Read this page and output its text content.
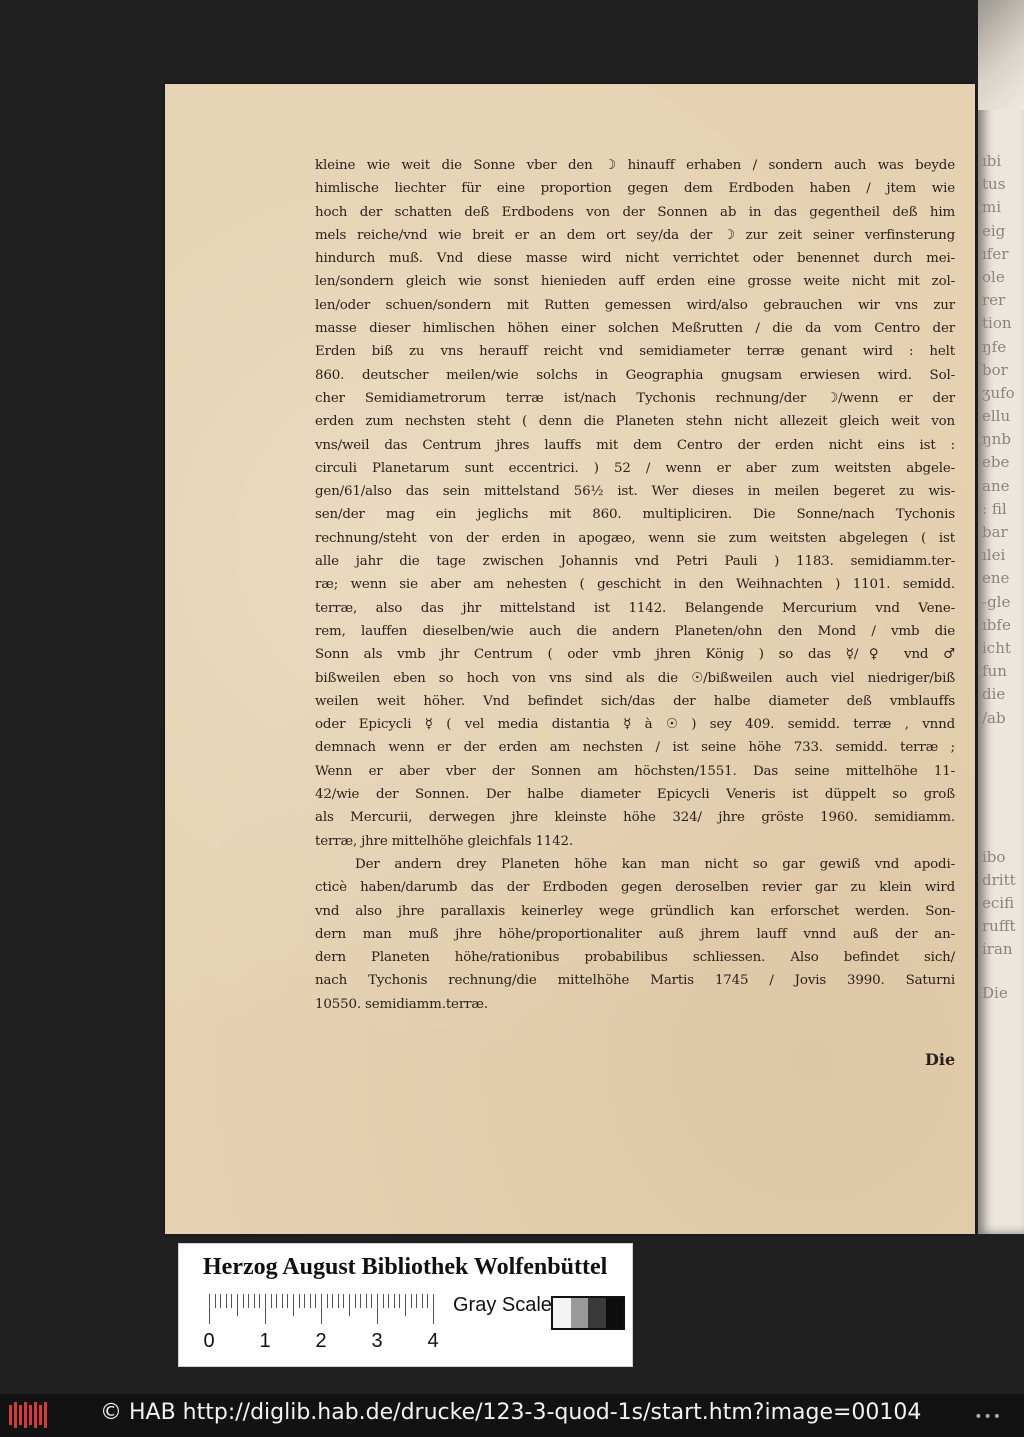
ıbi
tus
mi
eig
ıfer
ole
rer
tion
ŋfe
bor
ʒufo
ellu
ŋnb
ebe
ane
: fil
bar
ılei
ene
-gle
ıbfe
icht
fun
die
/ab
ibo
dritt
ecifi
rufft
iran
Die
kleine wie weit die Sonne vber den ☽ hinauff erhaben / sondern auch was beyde
himlische liechter für eine proportion gegen dem Erdboden haben / jtem wie
hoch der schatten deß Erdbodens von der Sonnen ab in das gegentheil deß him
mels reiche/vnd wie breit er an dem ort sey/da der ☽ zur zeit seiner verfinsterung
hindurch muß. Vnd diese masse wird nicht verrichtet oder benennet durch mei-
len/sondern gleich wie sonst hienieden auff erden eine grosse weite nicht mit zol-
len/oder schuen/sondern mit Rutten gemessen wird/also gebrauchen wir vns zur
masse dieser himlischen höhen einer solchen Meßrutten / die da vom Centro der
Erden biß zu vns herauff reicht vnd semidiameter terræ genant wird : helt
860. deutscher meilen/wie solchs in Geographia gnugsam erwiesen wird. Sol-
cher Semidiametrorum terræ ist/nach Tychonis rechnung/der ☽/wenn er der
erden zum nechsten steht ( denn die Planeten stehn nicht allezeit gleich weit von
vns/weil das Centrum jhres lauffs mit dem Centro der erden nicht eins ist :
circuli Planetarum sunt eccentrici. ) 52 / wenn er aber zum weitsten abgele-
gen/61/also das sein mittelstand 56½ ist. Wer dieses in meilen begeret zu wis-
sen/der mag ein jeglichs mit 860. multipliciren. Die Sonne/nach Tychonis
rechnung/steht von der erden in apogæo, wenn sie zum weitsten abgelegen ( ist
alle jahr die tage zwischen Johannis vnd Petri Pauli ) 1183. semidiamm.ter-
ræ; wenn sie aber am nehesten ( geschicht in den Weihnachten ) 1101. semidd.
terræ, also das jhr mittelstand ist 1142. Belangende Mercurium vnd Vene-
rem, lauffen dieselben/wie auch die andern Planeten/ohn den Mond / vmb die
Sonn als vmb jhr Centrum ( oder vmb jhren König ) so das ☿/♀ vnd ♂
bißweilen eben so hoch von vns sind als die ☉/bißweilen auch viel niedriger/biß
weilen weit höher. Vnd befindet sich/das der halbe diameter deß vmblauffs
oder Epicycli ☿ ( vel media distantia ☿ à ☉ ) sey 409. semidd. terræ , vnnd
demnach wenn er der erden am nechsten / ist seine höhe 733. semidd. terræ ;
Wenn er aber vber der Sonnen am höchsten/1551. Das seine mittelhöhe 11-
42/wie der Sonnen. Der halbe diameter Epicycli Veneris ist düppelt so groß
als Mercurii, derwegen jhre kleinste höhe 324/ jhre gröste 1960. semidiamm.
terræ, jhre mittelhöhe gleichfals 1142.
Der andern drey Planeten höhe kan man nicht so gar gewiß vnd apodi-
cticè haben/darumb das der Erdboden gegen deroselben revier gar zu klein wird
vnd also jhre parallaxis keinerley wege gründlich kan erforschet werden. Son-
dern man muß jhre höhe/proportionaliter auß jhrem lauff vnnd auß der an-
dern Planeten höhe/rationibus probabilibus schliessen. Also befindet sich/
nach Tychonis rechnung/die mittelhöhe Martis 1745 / Jovis 3990. Saturni
10550. semidiamm.terræ.
Die
Herzog August Bibliothek Wolfenbüttel
0 1 2 3 4
Gray Scale
© HAB http://diglib.hab.de/drucke/123-3-quod-1s/start.htm?image=00104	•••
